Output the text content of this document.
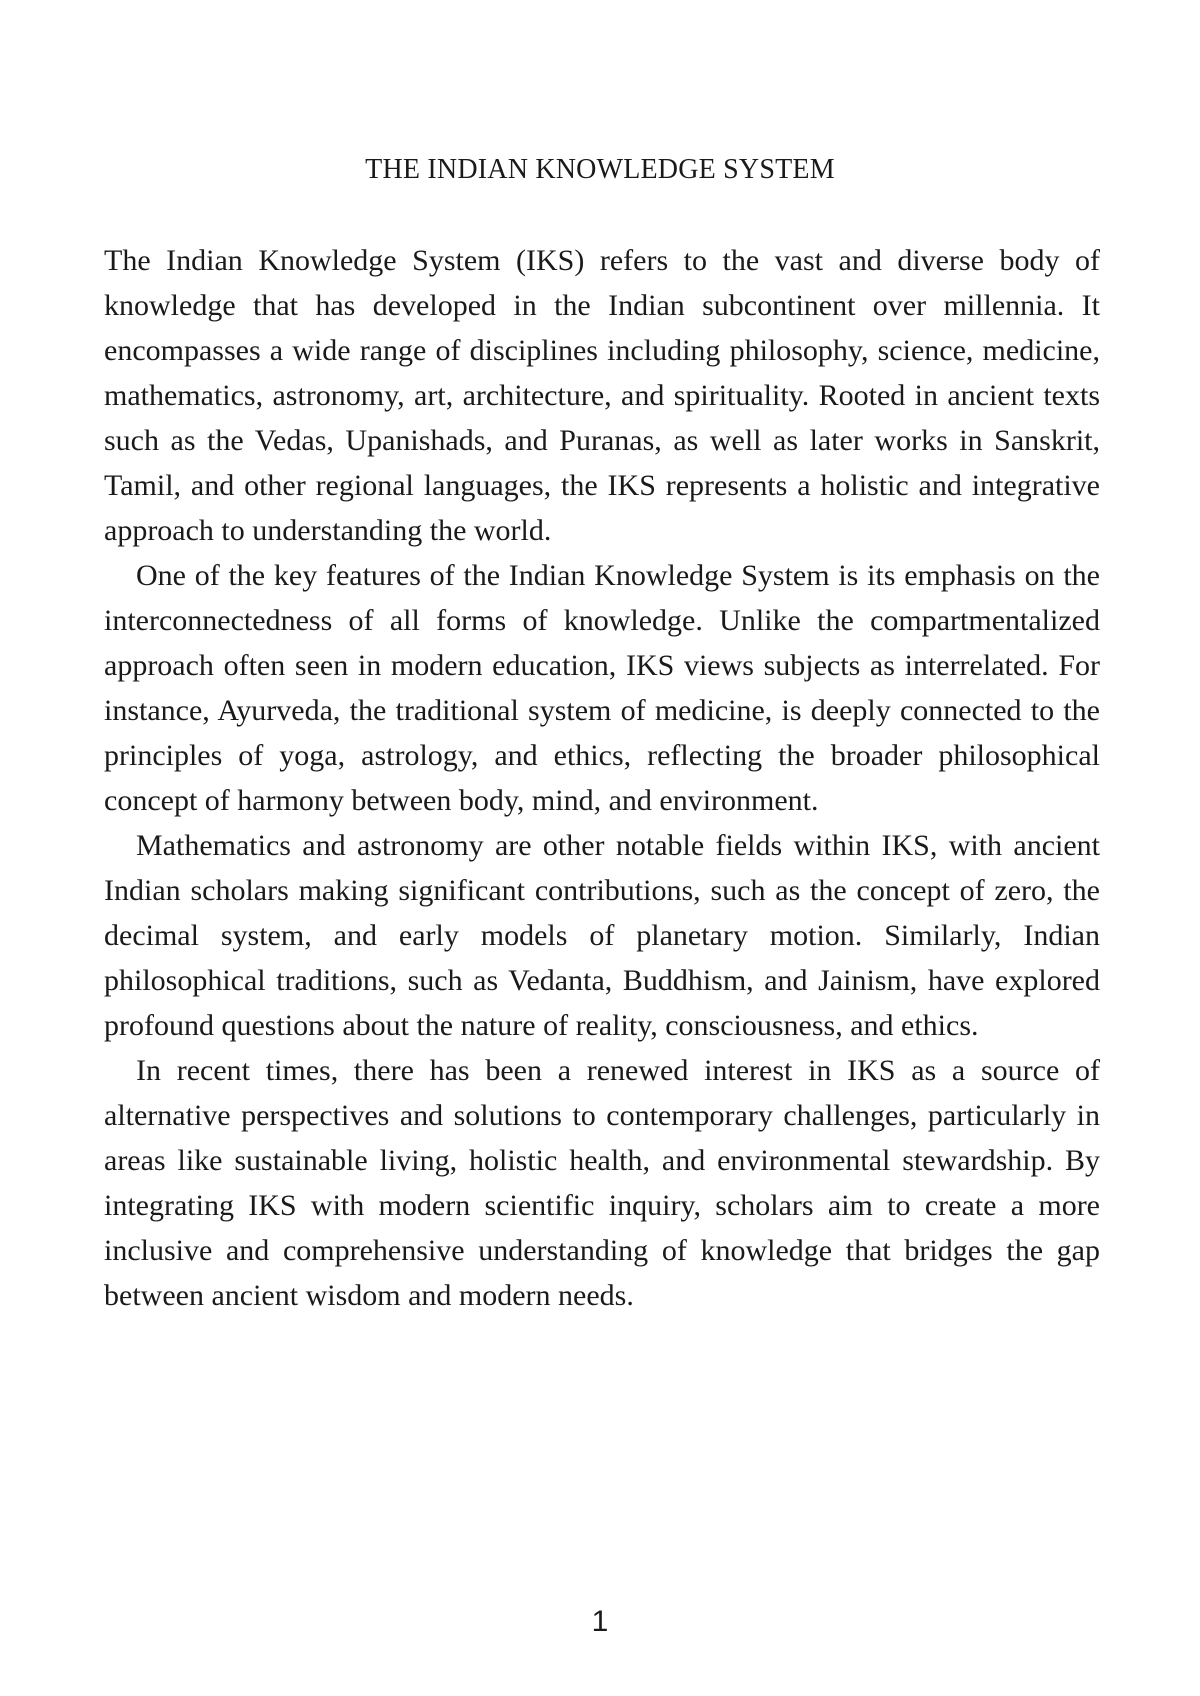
THE INDIAN KNOWLEDGE SYSTEM

The Indian Knowledge System (IKS) refers to the vast and diverse body of knowledge that has developed in the Indian subcontinent over millennia. It encompasses a wide range of disciplines including philosophy, science, medicine, mathematics, astronomy, art, architecture, and spirituality. Rooted in ancient texts such as the Vedas, Upanishads, and Puranas, as well as later works in Sanskrit, Tamil, and other regional languages, the IKS represents a holistic and integrative approach to understanding the world.

One of the key features of the Indian Knowledge System is its emphasis on the interconnectedness of all forms of knowledge. Unlike the compartmentalized approach often seen in modern education, IKS views subjects as interrelated. For instance, Ayurveda, the traditional system of medicine, is deeply connected to the principles of yoga, astrology, and ethics, reflecting the broader philosophical concept of harmony between body, mind, and environment.

Mathematics and astronomy are other notable fields within IKS, with ancient Indian scholars making significant contributions, such as the concept of zero, the decimal system, and early models of planetary motion. Similarly, Indian philosophical traditions, such as Vedanta, Buddhism, and Jainism, have explored profound questions about the nature of reality, consciousness, and ethics.

In recent times, there has been a renewed interest in IKS as a source of alternative perspectives and solutions to contemporary challenges, particularly in areas like sustainable living, holistic health, and environmental stewardship. By integrating IKS with modern scientific inquiry, scholars aim to create a more inclusive and comprehensive understanding of knowledge that bridges the gap between ancient wisdom and modern needs.

1
